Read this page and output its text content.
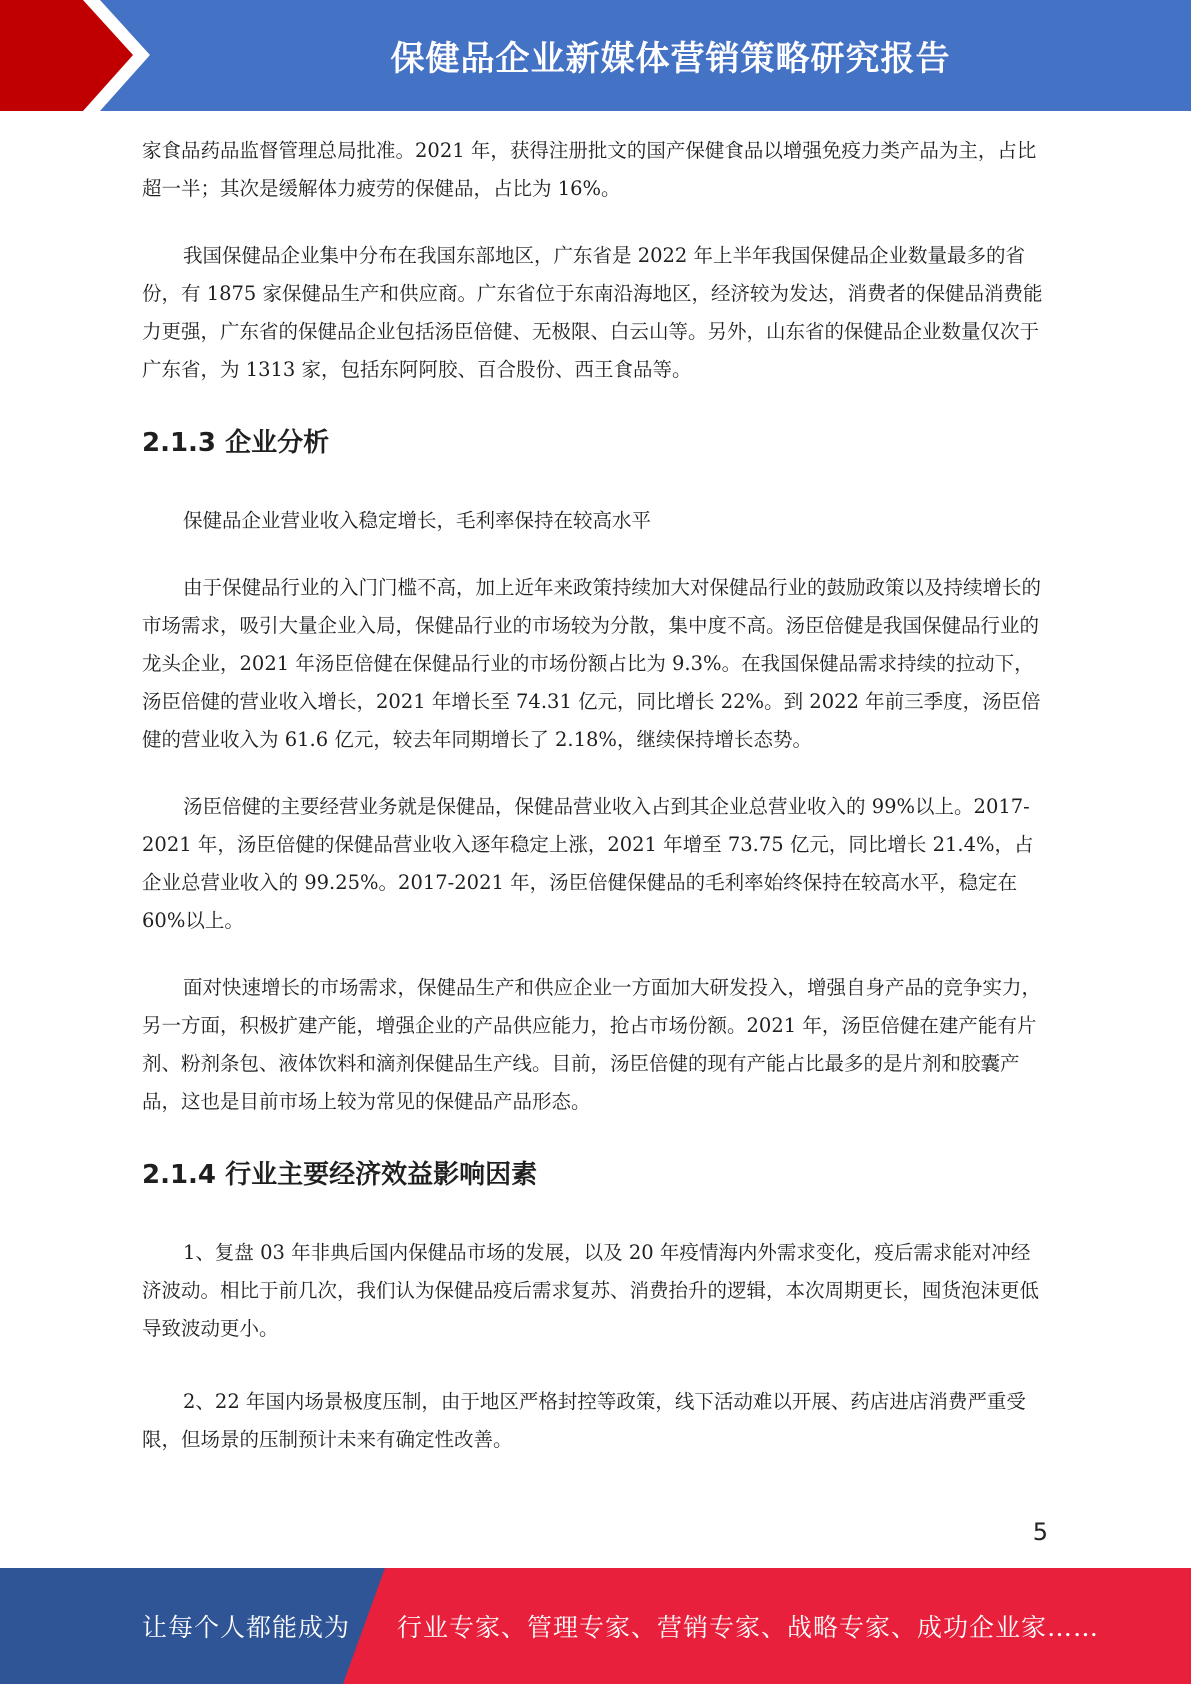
保健品企业新媒体营销策略研究报告

家食品药品监督管理总局批准。2021 年，获得注册批文的国产保健食品以增强免疫力类产品为主，占比超一半；其次是缓解体力疲劳的保健品，占比为 16%。

我国保健品企业集中分布在我国东部地区，广东省是 2022 年上半年我国保健品企业数量最多的省份，有 1875 家保健品生产和供应商。广东省位于东南沿海地区，经济较为发达，消费者的保健品消费能力更强，广东省的保健品企业包括汤臣倍健、无极限、白云山等。另外，山东省的保健品企业数量仅次于广东省，为 1313 家，包括东阿阿胶、百合股份、西王食品等。

2.1.3 企业分析

保健品企业营业收入稳定增长，毛利率保持在较高水平

由于保健品行业的入门门槛不高，加上近年来政策持续加大对保健品行业的鼓励政策以及持续增长的市场需求，吸引大量企业入局，保健品行业的市场较为分散，集中度不高。汤臣倍健是我国保健品行业的龙头企业，2021 年汤臣倍健在保健品行业的市场份额占比为 9.3%。在我国保健品需求持续的拉动下，汤臣倍健的营业收入增长，2021 年增长至 74.31 亿元，同比增长 22%。到 2022 年前三季度，汤臣倍健的营业收入为 61.6 亿元，较去年同期增长了 2.18%，继续保持增长态势。

汤臣倍健的主要经营业务就是保健品，保健品营业收入占到其企业总营业收入的 99%以上。2017-2021 年，汤臣倍健的保健品营业收入逐年稳定上涨，2021 年增至 73.75 亿元，同比增长 21.4%，占企业总营业收入的 99.25%。2017-2021 年，汤臣倍健保健品的毛利率始终保持在较高水平，稳定在 60%以上。

面对快速增长的市场需求，保健品生产和供应企业一方面加大研发投入，增强自身产品的竞争实力，另一方面，积极扩建产能，增强企业的产品供应能力，抢占市场份额。2021 年，汤臣倍健在建产能有片剂、粉剂条包、液体饮料和滴剂保健品生产线。目前，汤臣倍健的现有产能占比最多的是片剂和胶囊产品，这也是目前市场上较为常见的保健品产品形态。

2.1.4 行业主要经济效益影响因素

1、复盘 03 年非典后国内保健品市场的发展，以及 20 年疫情海内外需求变化，疫后需求能对冲经济波动。相比于前几次，我们认为保健品疫后需求复苏、消费抬升的逻辑，本次周期更长，囤货泡沫更低导致波动更小。

2、22 年国内场景极度压制，由于地区严格封控等政策，线下活动难以开展、药店进店消费严重受限，但场景的压制预计未来有确定性改善。

5
让每个人都能成为 行业专家、管理专家、营销专家、战略专家、成功企业家……
